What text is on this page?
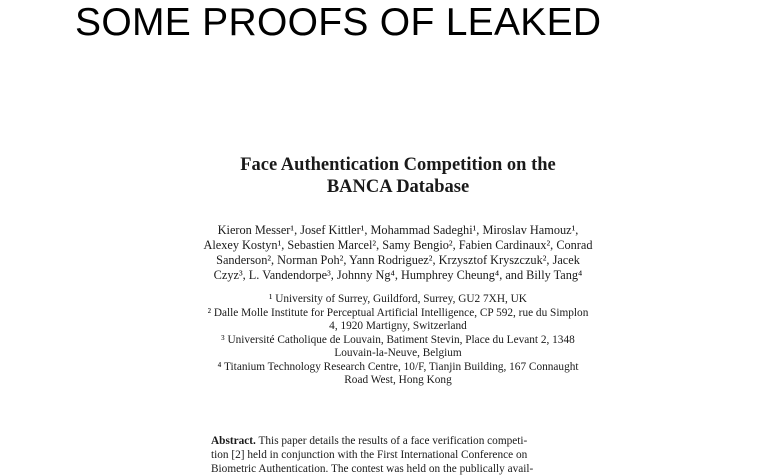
SOME PROOFS OF LEAKED
Face Authentication Competition on the
BANCA Database
Kieron Messer¹, Josef Kittler¹, Mohammad Sadeghi¹, Miroslav Hamouz¹,
Alexey Kostyn¹, Sebastien Marcel², Samy Bengio², Fabien Cardinaux², Conrad
Sanderson², Norman Poh², Yann Rodriguez², Krzysztof Kryszczuk², Jacek
Czyz³, L. Vandendorpe³, Johnny Ng⁴, Humphrey Cheung⁴, and Billy Tang⁴
¹ University of Surrey, Guildford, Surrey, GU2 7XH, UK
² Dalle Molle Institute for Perceptual Artificial Intelligence, CP 592, rue du Simplon
4, 1920 Martigny, Switzerland
³ Université Catholique de Louvain, Batiment Stevin, Place du Levant 2, 1348
Louvain-la-Neuve, Belgium
⁴ Titanium Technology Research Centre, 10/F, Tianjin Building, 167 Connaught
Road West, Hong Kong
Abstract. This paper details the results of a face verification competi-
tion [2] held in conjunction with the First International Conference on
Biometric Authentication. The contest was held on the publically avail-
